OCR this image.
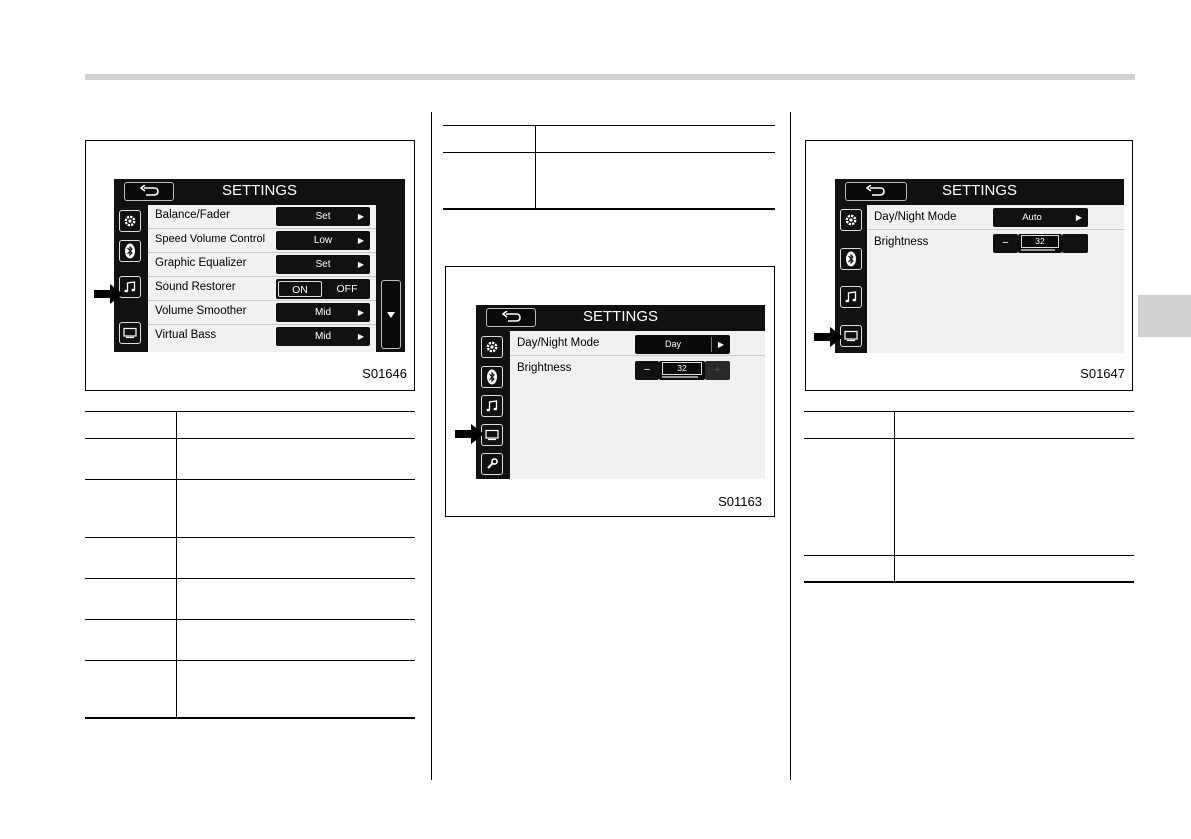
SETTINGS
Balance/Fader	Set	▶
Speed Volume Control	Low	▶
Graphic Equalizer	Set	▶
Sound Restorer	ON	OFF
Volume Smoother	Mid	▶
Virtual Bass	Mid	▶
S01646
SETTINGS
Day/Night Mode	Day	▶
Brightness	−	32	+
S01163
SETTINGS
Day/Night Mode	Auto	▶
Brightness	−	32
S01647
